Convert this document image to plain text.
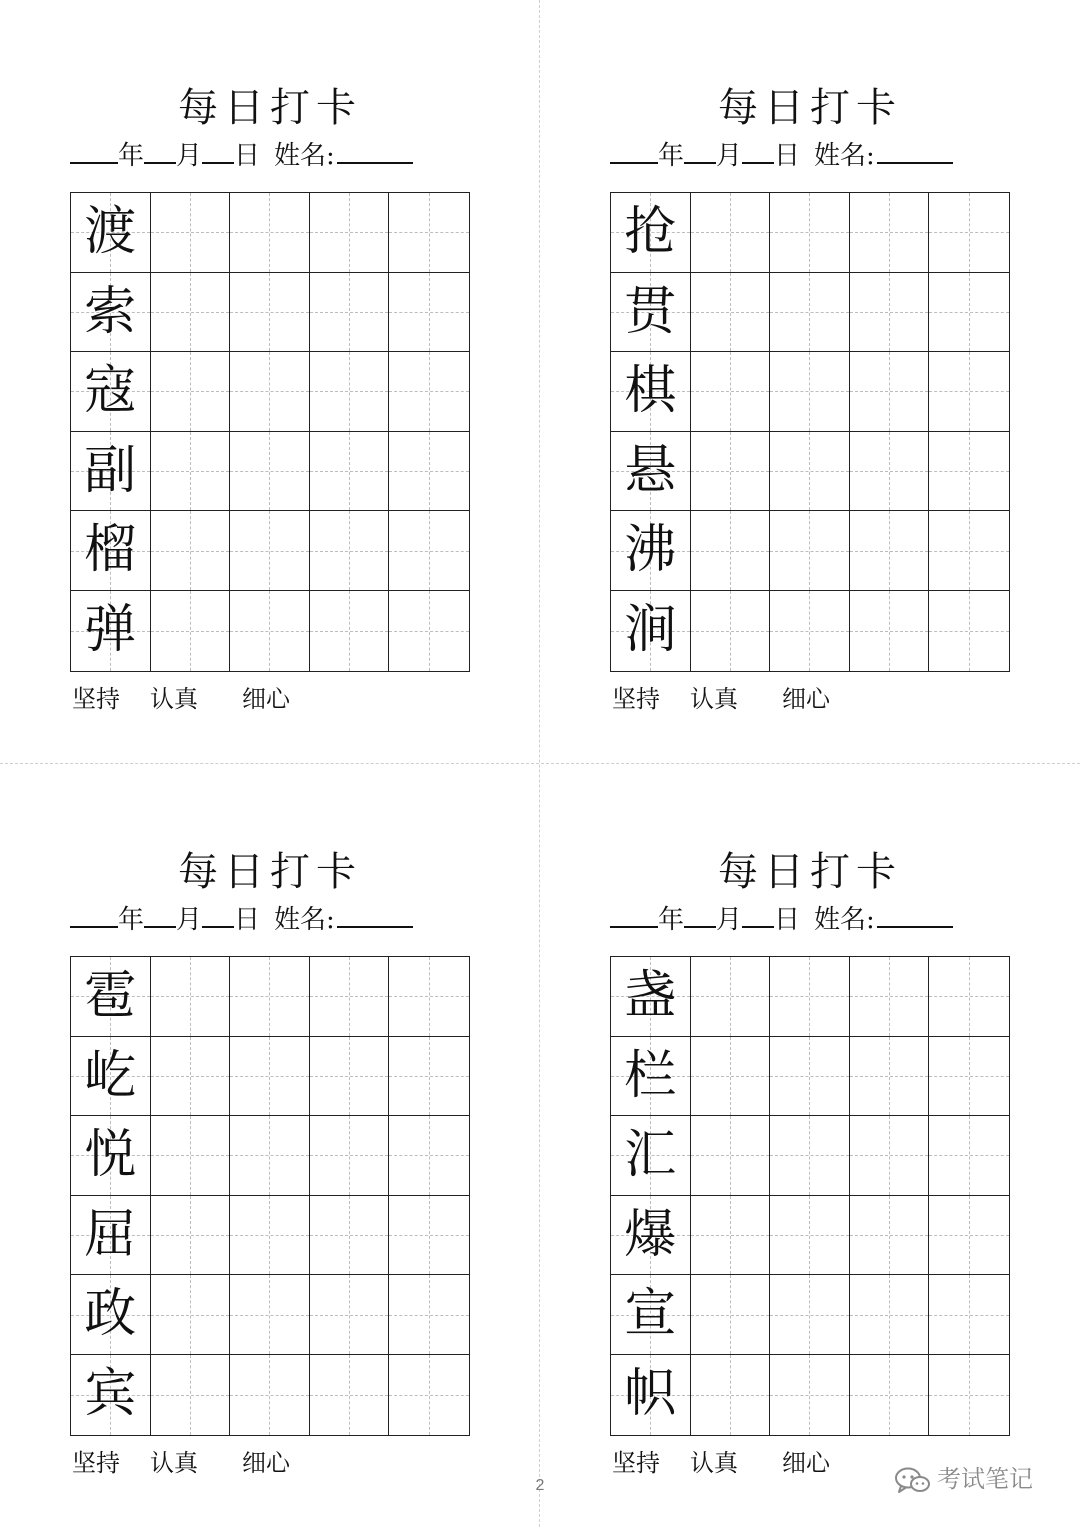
每日打卡
年 月 日 姓名:
渡
索
寇
副
榴
弹
坚持 认真 细心
每日打卡
年 月 日 姓名:
抢
贯
棋
悬
沸
涧
坚持 认真 细心
每日打卡
年 月 日 姓名:
雹
屹
悦
屈
政
宾
坚持 认真 细心
每日打卡
年 月 日 姓名:
盏
栏
汇
爆
宣
帜
坚持 认真 细心
2	考试笔记
